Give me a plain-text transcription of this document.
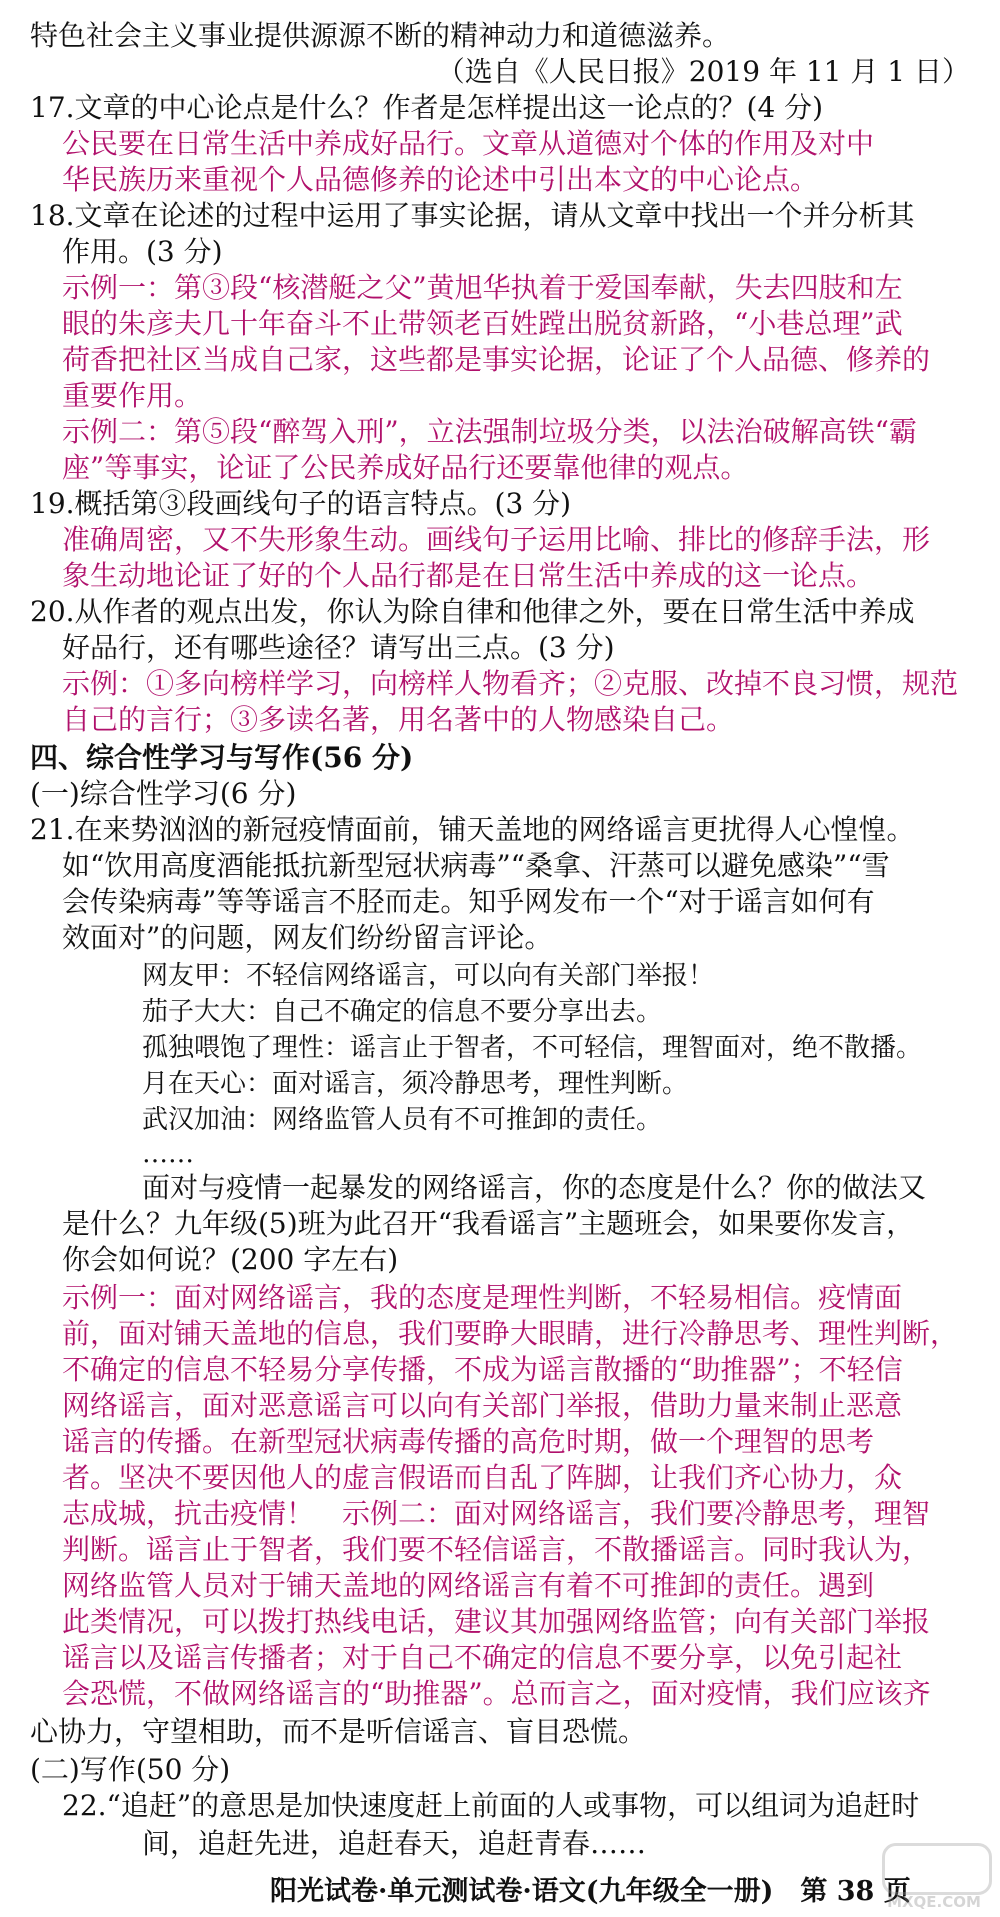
特色社会主义事业提供源源不断的精神动力和道德滋养。
（选自《人民日报》2019 年 11 月 1 日）
17.文章的中心论点是什么？作者是怎样提出这一论点的？(4 分)
公民要在日常生活中养成好品行。文章从道德对个体的作用及对中
华民族历来重视个人品德修养的论述中引出本文的中心论点。
18.文章在论述的过程中运用了事实论据，请从文章中找出一个并分析其
作用。(3 分)
示例一：第③段“核潜艇之父”黄旭华执着于爱国奉献，失去四肢和左
眼的朱彦夫几十年奋斗不止带领老百姓蹚出脱贫新路，“小巷总理”武
荷香把社区当成自己家，这些都是事实论据，论证了个人品德、修养的
重要作用。
示例二：第⑤段“醉驾入刑”，立法强制垃圾分类，以法治破解高铁“霸
座”等事实，论证了公民养成好品行还要靠他律的观点。
19.概括第③段画线句子的语言特点。(3 分)
准确周密，又不失形象生动。画线句子运用比喻、排比的修辞手法，形
象生动地论证了好的个人品行都是在日常生活中养成的这一论点。
20.从作者的观点出发，你认为除自律和他律之外，要在日常生活中养成
好品行，还有哪些途径？请写出三点。(3 分)
示例：①多向榜样学习，向榜样人物看齐；②克服、改掉不良习惯，规范
自己的言行；③多读名著，用名著中的人物感染自己。
四、综合性学习与写作(56 分)
(一)综合性学习(6 分)
21.在来势汹汹的新冠疫情面前，铺天盖地的网络谣言更扰得人心惶惶。
如“饮用高度酒能抵抗新型冠状病毒”“桑拿、汗蒸可以避免感染”“雪
会传染病毒”等等谣言不胫而走。知乎网发布一个“对于谣言如何有
效面对”的问题，网友们纷纷留言评论。
网友甲：不轻信网络谣言，可以向有关部门举报！
茄子大大：自己不确定的信息不要分享出去。
孤独喂饱了理性：谣言止于智者，不可轻信，理智面对，绝不散播。
月在天心：面对谣言，须冷静思考，理性判断。
武汉加油：网络监管人员有不可推卸的责任。
……
面对与疫情一起暴发的网络谣言，你的态度是什么？你的做法又
是什么？九年级(5)班为此召开“我看谣言”主题班会，如果要你发言，
你会如何说？(200 字左右)
示例一：面对网络谣言，我的态度是理性判断，不轻易相信。疫情面
前，面对铺天盖地的信息，我们要睁大眼睛，进行冷静思考、理性判断，
不确定的信息不轻易分享传播，不成为谣言散播的“助推器”；不轻信
网络谣言，面对恶意谣言可以向有关部门举报，借助力量来制止恶意
谣言的传播。在新型冠状病毒传播的高危时期，做一个理智的思考
者。坚决不要因他人的虚言假语而自乱了阵脚，让我们齐心协力，众
志成城，抗击疫情！　示例二：面对网络谣言，我们要冷静思考，理智
判断。谣言止于智者，我们要不轻信谣言，不散播谣言。同时我认为，
网络监管人员对于铺天盖地的网络谣言有着不可推卸的责任。遇到
此类情况，可以拨打热线电话，建议其加强网络监管；向有关部门举报
谣言以及谣言传播者；对于自己不确定的信息不要分享，以免引起社
会恐慌，不做网络谣言的“助推器”。总而言之，面对疫情，我们应该齐
心协力，守望相助，而不是听信谣言、盲目恐慌。
(二)写作(50 分)
22.“追赶”的意思是加快速度赶上前面的人或事物，可以组词为追赶时
间，追赶先进，追赶春天，追赶青春……
阳光试卷·单元测试卷·语文(九年级全一册)　第 38 页
MXQE.COM
